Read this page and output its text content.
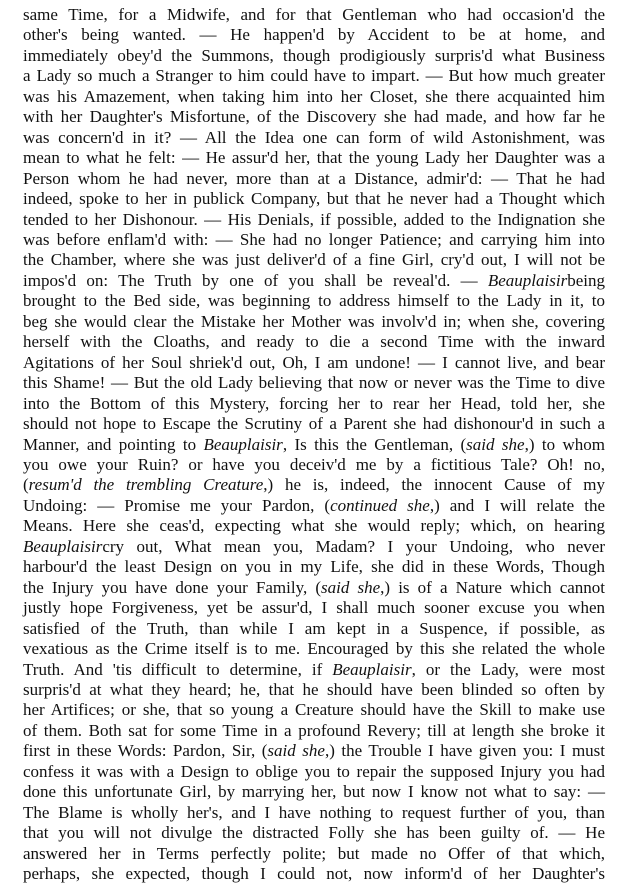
same Time, for a Midwife, and for that Gentleman who had occasion'd the
other's being wanted. — He happen'd by Accident to be at home, and
immediately obey'd the Summons, though prodigiously surpris'd what Business
a Lady so much a Stranger to him could have to impart. — But how much greater
was his Amazement, when taking him into her Closet, she there acquainted him
with her Daughter's Misfortune, of the Discovery she had made, and how far he
was concern'd in it? — All the Idea one can form of wild Astonishment, was
mean to what he felt: — He assur'd her, that the young Lady her Daughter was a
Person whom he had never, more than at a Distance, admir'd: — That he had
indeed, spoke to her in publick Company, but that he never had a Thought which
tended to her Dishonour. — His Denials, if possible, added to the Indignation she
was before enflam'd with: — She had no longer Patience; and carrying him into
the Chamber, where she was just deliver'd of a fine Girl, cry'd out, I will not be
impos'd on: The Truth by one of you shall be reveal'd. — Beauplaisirbeing
brought to the Bed side, was beginning to address himself to the Lady in it, to
beg she would clear the Mistake her Mother was involv'd in; when she, covering
herself with the Cloaths, and ready to die a second Time with the inward
Agitations of her Soul shriek'd out, Oh, I am undone! — I cannot live, and bear
this Shame! — But the old Lady believing that now or never was the Time to dive
into the Bottom of this Mystery, forcing her to rear her Head, told her, she
should not hope to Escape the Scrutiny of a Parent she had dishonour'd in such a
Manner, and pointing to Beauplaisir, Is this the Gentleman, (said she,) to whom
you owe your Ruin? or have you deceiv'd me by a fictitious Tale? Oh! no,
(resum'd the trembling Creature,) he is, indeed, the innocent Cause of my
Undoing: — Promise me your Pardon, (continued she,) and I will relate the
Means. Here she ceas'd, expecting what she would reply; which, on hearing
Beauplaisircry out, What mean you, Madam? I your Undoing, who never
harbour'd the least Design on you in my Life, she did in these Words, Though
the Injury you have done your Family, (said she,) is of a Nature which cannot
justly hope Forgiveness, yet be assur'd, I shall much sooner excuse you when
satisfied of the Truth, than while I am kept in a Suspence, if possible, as
vexatious as the Crime itself is to me. Encouraged by this she related the whole
Truth. And 'tis difficult to determine, if Beauplaisir, or the Lady, were most
surpris'd at what they heard; he, that he should have been blinded so often by
her Artifices; or she, that so young a Creature should have the Skill to make use
of them. Both sat for some Time in a profound Revery; till at length she broke it
first in these Words: Pardon, Sir, (said she,) the Trouble I have given you: I must
confess it was with a Design to oblige you to repair the supposed Injury you had
done this unfortunate Girl, by marrying her, but now I know not what to say: —
The Blame is wholly her's, and I have nothing to request further of you, than
that you will not divulge the distracted Folly she has been guilty of. — He
answered her in Terms perfectly polite; but made no Offer of that which,
perhaps, she expected, though I could not, now inform'd of her Daughter's
